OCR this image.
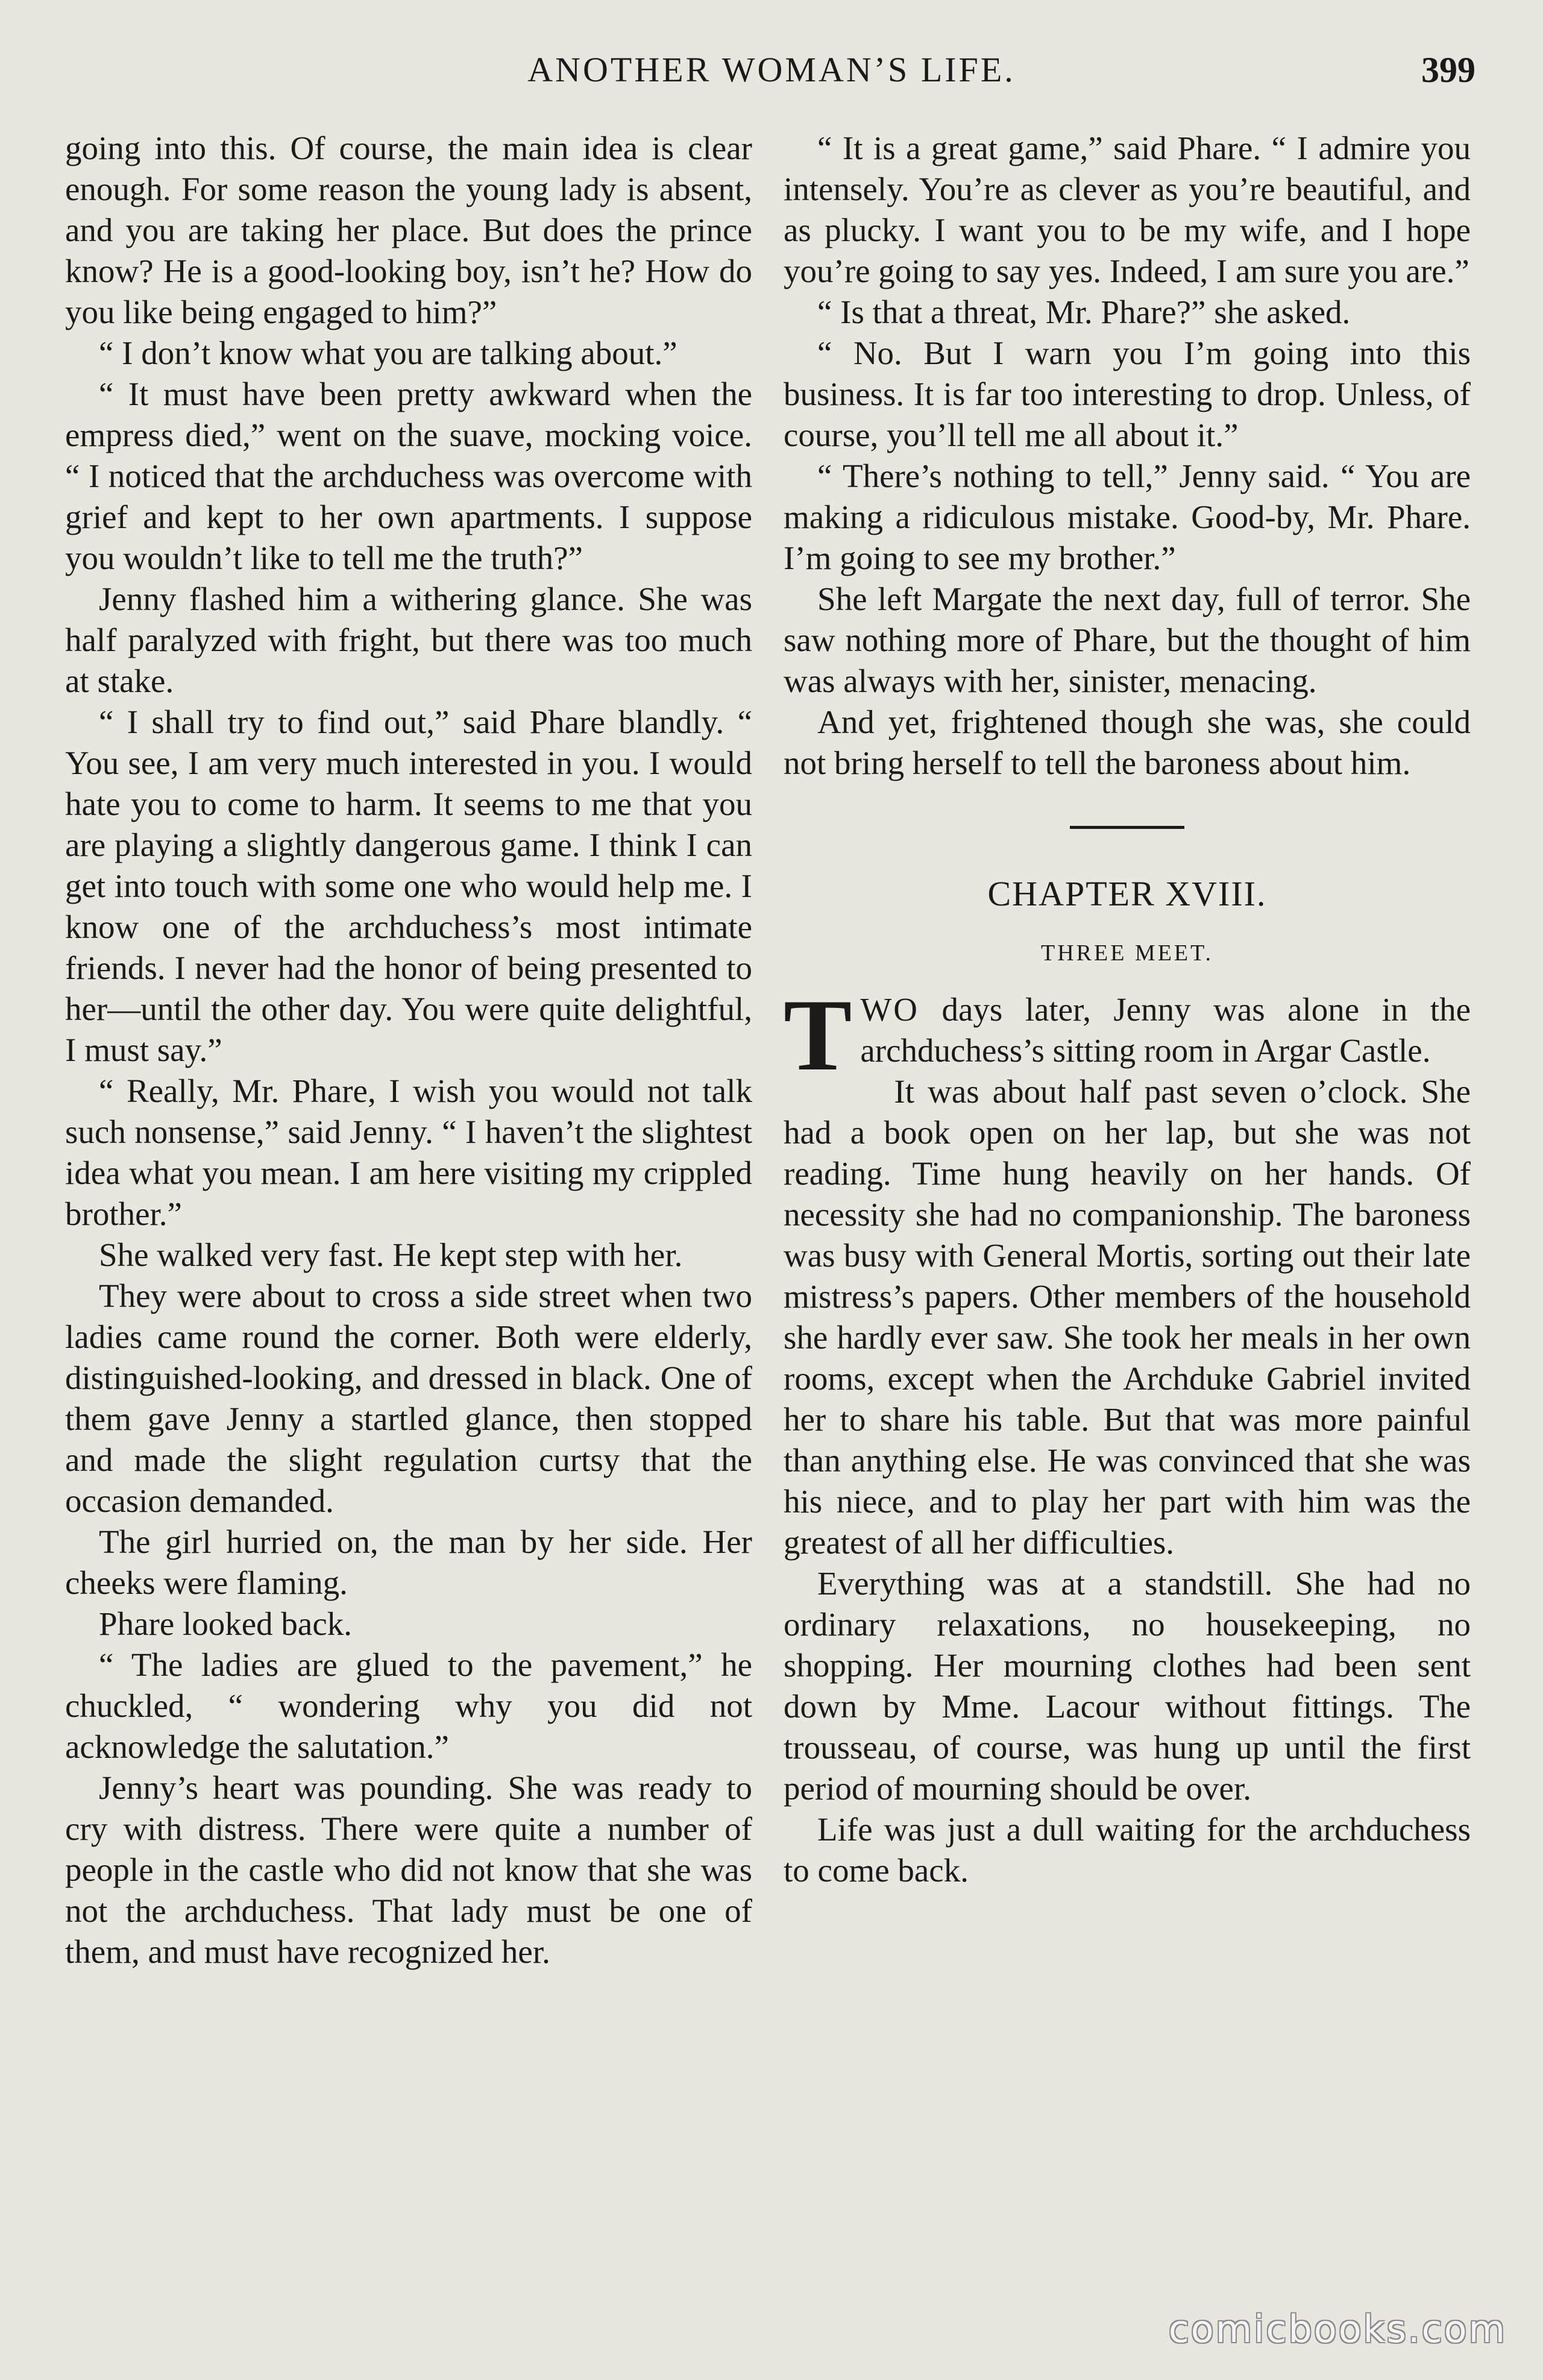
ANOTHER WOMAN’S LIFE.	399

going into this. Of course, the main idea is clear enough. For some reason the young lady is absent, and you are taking her place. But does the prince know? He is a good-looking boy, isn’t he? How do you like being engaged to him?”

“ I don’t know what you are talking about.”

“ It must have been pretty awkward when the empress died,” went on the suave, mocking voice. “ I noticed that the archduchess was overcome with grief and kept to her own apartments. I suppose you wouldn’t like to tell me the truth?”

Jenny flashed him a withering glance. She was half paralyzed with fright, but there was too much at stake.

“ I shall try to find out,” said Phare blandly. “ You see, I am very much interested in you. I would hate you to come to harm. It seems to me that you are playing a slightly dangerous game. I think I can get into touch with some one who would help me. I know one of the archduchess’s most intimate friends. I never had the honor of being presented to her—until the other day. You were quite delightful, I must say.”

“ Really, Mr. Phare, I wish you would not talk such nonsense,” said Jenny. “ I haven’t the slightest idea what you mean. I am here visiting my crippled brother.”

She walked very fast. He kept step with her.

They were about to cross a side street when two ladies came round the corner. Both were elderly, distinguished-looking, and dressed in black. One of them gave Jenny a startled glance, then stopped and made the slight regulation curtsy that the occasion demanded.

The girl hurried on, the man by her side. Her cheeks were flaming.

Phare looked back.

“ The ladies are glued to the pavement,” he chuckled, “ wondering why you did not acknowledge the salutation.”

Jenny’s heart was pounding. She was ready to cry with distress. There were quite a number of people in the castle who did not know that she was not the archduchess. That lady must be one of them, and must have recognized her.

“ It is a great game,” said Phare. “ I admire you intensely. You’re as clever as you’re beautiful, and as plucky. I want you to be my wife, and I hope you’re going to say yes. Indeed, I am sure you are.”

“ Is that a threat, Mr. Phare?” she asked.

“ No. But I warn you I’m going into this business. It is far too interesting to drop. Unless, of course, you’ll tell me all about it.”

“ There’s nothing to tell,” Jenny said. “ You are making a ridiculous mistake. Good-by, Mr. Phare. I’m going to see my brother.”

She left Margate the next day, full of terror. She saw nothing more of Phare, but the thought of him was always with her, sinister, menacing.

And yet, frightened though she was, she could not bring herself to tell the baroness about him.

CHAPTER XVIII.
THREE MEET.

TWO days later, Jenny was alone in the archduchess’s sitting room in Argar Castle.

It was about half past seven o’clock. She had a book open on her lap, but she was not reading. Time hung heavily on her hands. Of necessity she had no companionship. The baroness was busy with General Mortis, sorting out their late mistress’s papers. Other members of the household she hardly ever saw. She took her meals in her own rooms, except when the Archduke Gabriel invited her to share his table. But that was more painful than anything else. He was convinced that she was his niece, and to play her part with him was the greatest of all her difficulties.

Everything was at a standstill. She had no ordinary relaxations, no housekeeping, no shopping. Her mourning clothes had been sent down by Mme. Lacour without fittings. The trousseau, of course, was hung up until the first period of mourning should be over.

Life was just a dull waiting for the archduchess to come back.

comicbooks.com
